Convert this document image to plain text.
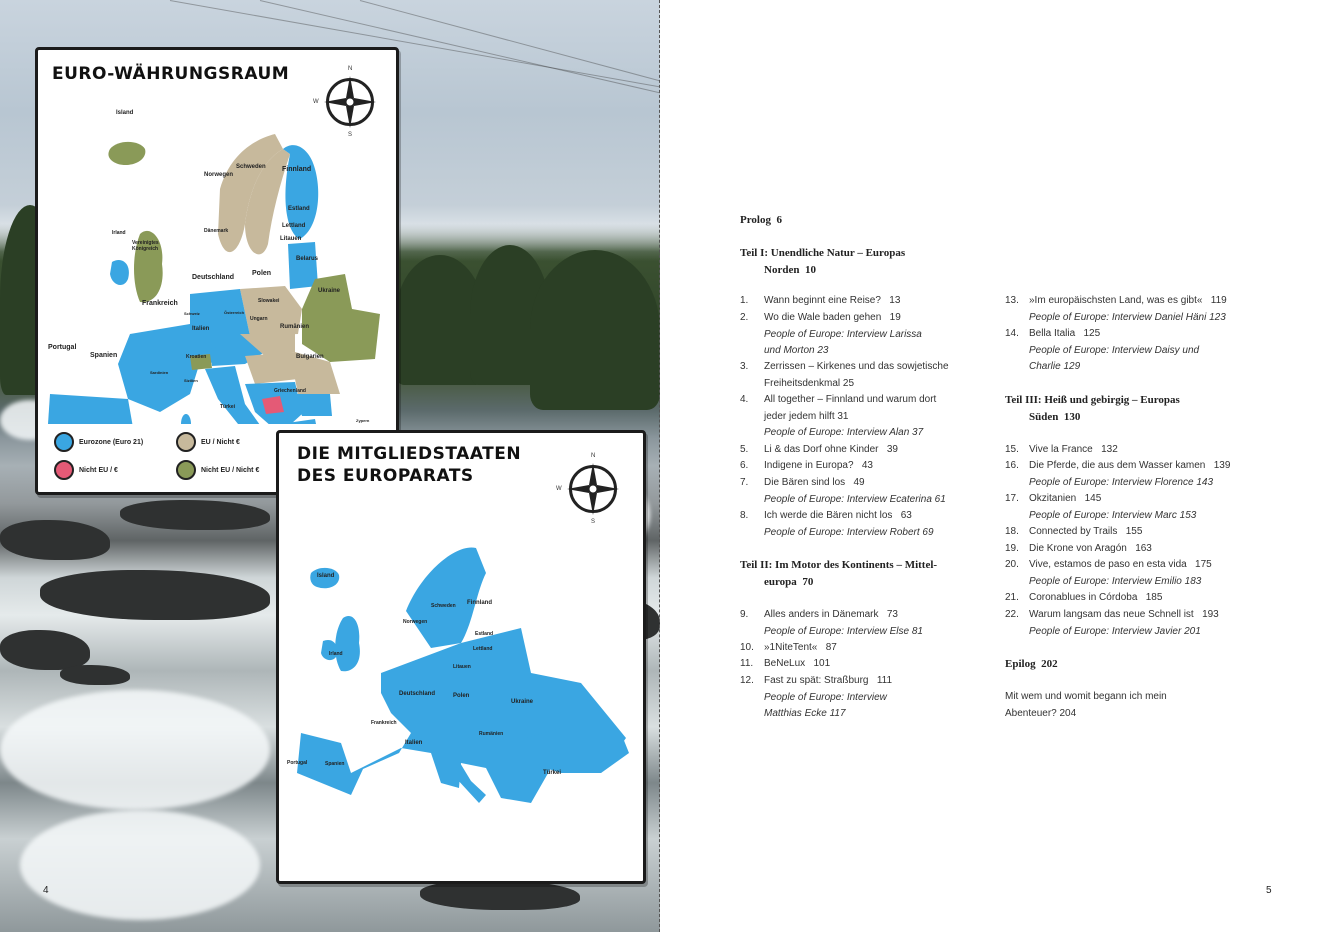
EURO-WÄHRUNGSRAUM	N
S
W
Island
Schweden
Norwegen
Finnland
Estland
Lettland
Litauen
Dänemark
Irland
Vereinigtes Königreich
Belarus
Polen
Deutschland
Ukraine
Frankreich
Schweiz	Österreich
Slowakei
Ungarn
Italien	Rumänien
Portugal
Spanien	Kroatien	Bulgarien
Sardinien
Sizilien
Griechenland
Türkei
Zypern
Eurozone (Euro 21)	EU / Nicht €
Nicht EU / €	Nicht EU / Nicht €
DIE MITGLIEDSTAATEN
DES EUROPARATS
N
S
W
Island
Schweden Finnland
Norwegen
Estland
Lettland
Litauen
Irland
Deutschland	Polen
Ukraine
Frankreich
Italien
Rumänien
Portugal	Spanien
Türkei
4
Prolog 6
Teil I: Unendliche Natur – Europas
Norden 10
1.	Wann beginnt eine Reise? 13
2.	Wo die Wale baden gehen 19
People of Europe: Interview Larissa
und Morton 23
3.	Zerrissen – Kirkenes und das sowjetische
Freiheitsdenkmal 25
4.	All together – Finnland und warum dort
jeder jedem hilft 31
People of Europe: Interview Alan 37
5.	Li & das Dorf ohne Kinder 39
6.	Indigene in Europa? 43
7.	Die Bären sind los 49
People of Europe: Interview Ecaterina 61
8.	Ich werde die Bären nicht los 63
People of Europe: Interview Robert 69
Teil II: Im Motor des Kontinents – Mittel-
europa 70
9.	Alles anders in Dänemark 73
People of Europe: Interview Else 81
10.	»1NiteTent« 87
11.	BeNeLux 101
12.	Fast zu spät: Straßburg 111
People of Europe: Interview
Matthias Ecke 117
13.	»Im europäischsten Land, was es gibt« 119
People of Europe: Interview Daniel Häni 123
14.	Bella Italia 125
People of Europe: Interview Daisy und
Charlie 129
Teil III: Heiß und gebirgig – Europas
Süden 130
15.	Vive la France 132
16.	Die Pferde, die aus dem Wasser kamen 139
People of Europe: Interview Florence 143
17.	Okzitanien 145
People of Europe: Interview Marc 153
18.	Connected by Trails 155
19.	Die Krone von Aragón 163
20.	Vive, estamos de paso en esta vida 175
People of Europe: Interview Emilio 183
21.	Coronablues in Córdoba 185
22.	Warum langsam das neue Schnell ist 193
People of Europe: Interview Javier 201
Epilog 202
Mit wem und womit begann ich mein Abenteuer? 204
5
